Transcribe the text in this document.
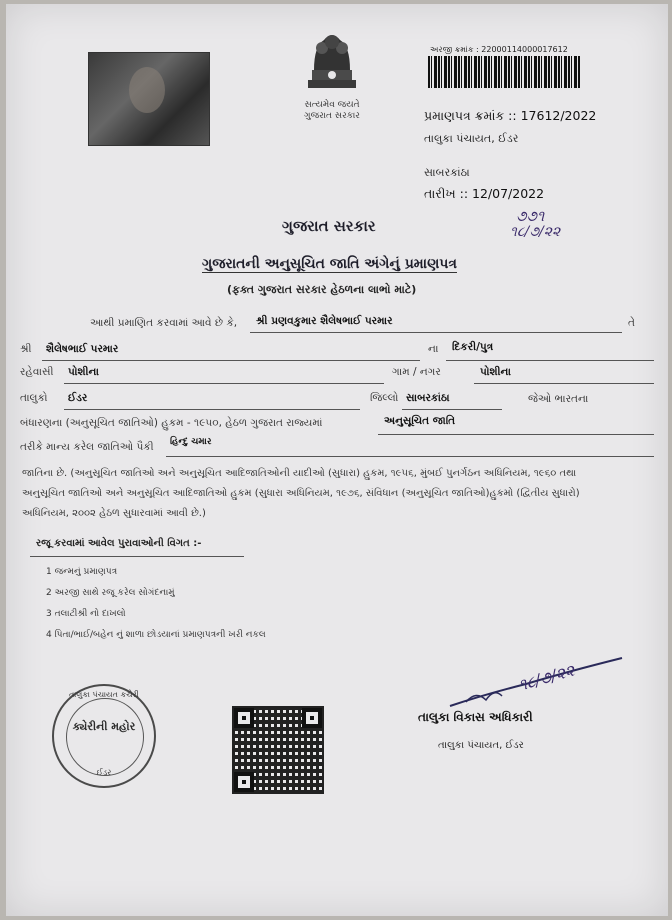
સત્યમેવ જયતે
ગુજરાત સરકાર
અરજી ક્રમાંક : 22000114000017612
પ્રમાણપત્ર ક્રમાંક :: 17612/2022
તાલુકા પંચાયત, ઈડર
સાબરકાંઠા
તારીખ :: 12/07/2022
૭૭૧
૧૮/૭/૨૨
ગુજરાત સરકાર
ગુજરાતની અનુસૂચિત જાતિ અંગેનું પ્રમાણપત્ર
(ફક્ત ગુજરાત સરકાર હેઠળના લાભો માટે)
આથી પ્રમાણિત કરવામાં આવે છે કે, શ્રી પ્રણવકુમાર શૈલેષભાઈ પરમાર	તે
શ્રી શૈલેષભાઈ પરમાર	ના દિકરી/પુત્ર
રહેવાસી પોશીના	ગામ / નગર	પોશીના
તાલુકો ઈડર	જિલ્લો સાબરકાંઠા	જેઓ ભારતના
બંધારણના (અનુસૂચિત જાતિઓ) હુકમ - ૧૯૫૦, હેઠળ ગુજરાત રાજ્યમાં	અનુસૂચિત જાતિ
તરીકે માન્ય કરેલ જાતિઓ પૈકી હિન્દુ ચમાર
જાતિના છે. (અનુસૂચિત જાતિઓ અને અનુસૂચિત આદિજાતિઓની યાદીઓ (સુધારા) હુકમ, ૧૯૫૬, મુંબઈ પુનર્ગઠન અધિનિયમ, ૧૯૬૦ તથા
અનુસૂચિત જાતિઓ અને અનુસૂચિત આદિજાતિઓ હુકમ (સુધારા અધિનિયમ, ૧૯૭૬, સંવિધાન (અનુસૂચિત જાતિઓ)હુકમો (દ્વિતીય સુધારો)
અધિનિયમ, ૨૦૦૨ હેઠળ સુધારવામાં આવી છે.)
રજૂ કરવામાં આવેલ પુરાવાઓની વિગત :-
1 જન્મનું પ્રમાણપત્ર
2 અરજી સાથે રજૂ કરેલ સોગંદનામું
3 તલાટીશ્રી નો દાખલો
4 પિતા/ભાઈ/બહેન નું શાળા છોડયાનાં પ્રમાણપત્રની ખરી નકલ
તાલુકા પંચાયત કચેરી
ક્યેરીની મહોર
ઈડર
૧૮/૭/૨૨
તાલુકા વિકાસ અધિકારી
તાલુકા પંચાયત, ઈડર
